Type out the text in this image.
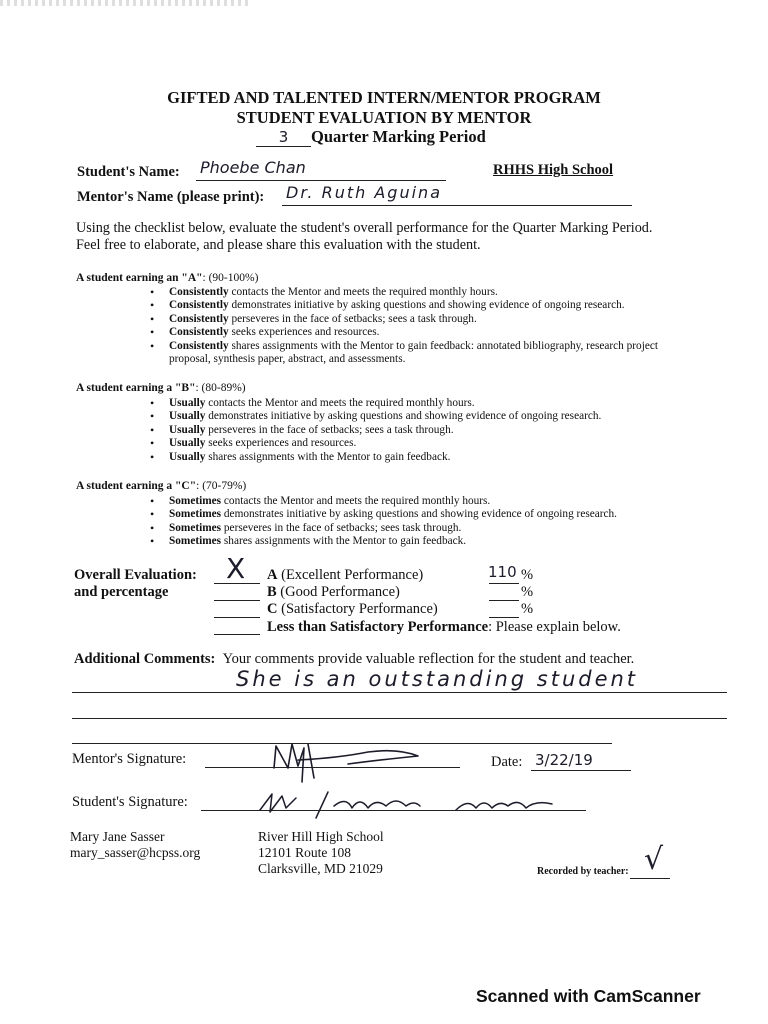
GIFTED AND TALENTED INTERN/MENTOR PROGRAM
STUDENT EVALUATION BY MENTOR
3 Quarter Marking Period
Student's Name: Phoebe Chan	RHHS High School
Mentor's Name (please print): Dr. Ruth Aguina
Using the checklist below, evaluate the student's overall performance for the Quarter Marking Period. Feel free to elaborate, and please share this evaluation with the student.
A student earning an "A": (90-100%)
• Consistently contacts the Mentor and meets the required monthly hours.
• Consistently demonstrates initiative by asking questions and showing evidence of ongoing research.
• Consistently perseveres in the face of setbacks; sees a task through.
• Consistently seeks experiences and resources.
• Consistently shares assignments with the Mentor to gain feedback: annotated bibliography, research project proposal, synthesis paper, abstract, and assessments.
A student earning a "B": (80-89%)
• Usually contacts the Mentor and meets the required monthly hours.
• Usually demonstrates initiative by asking questions and showing evidence of ongoing research.
• Usually perseveres in the face of setbacks; sees a task through.
• Usually seeks experiences and resources.
• Usually shares assignments with the Mentor to gain feedback.
A student earning a "C": (70-79%)
• Sometimes contacts the Mentor and meets the required monthly hours.
• Sometimes demonstrates initiative by asking questions and showing evidence of ongoing research.
• Sometimes perseveres in the face of setbacks; sees task through.
• Sometimes shares assignments with the Mentor to gain feedback.
Overall Evaluation:
and percentage
X A (Excellent Performance)	110 %
B (Good Performance)	%
C (Satisfactory Performance)	%
Less than Satisfactory Performance: Please explain below.
Additional Comments: Your comments provide valuable reflection for the student and teacher.
She is an outstanding student
Mentor's Signature:	Date: 3/22/19
Student's Signature:
Mary Jane Sasser
mary_sasser@hcpss.org
River Hill High School
12101 Route 108
Clarksville, MD 21029	Recorded by teacher: √
Scanned with CamScanner
